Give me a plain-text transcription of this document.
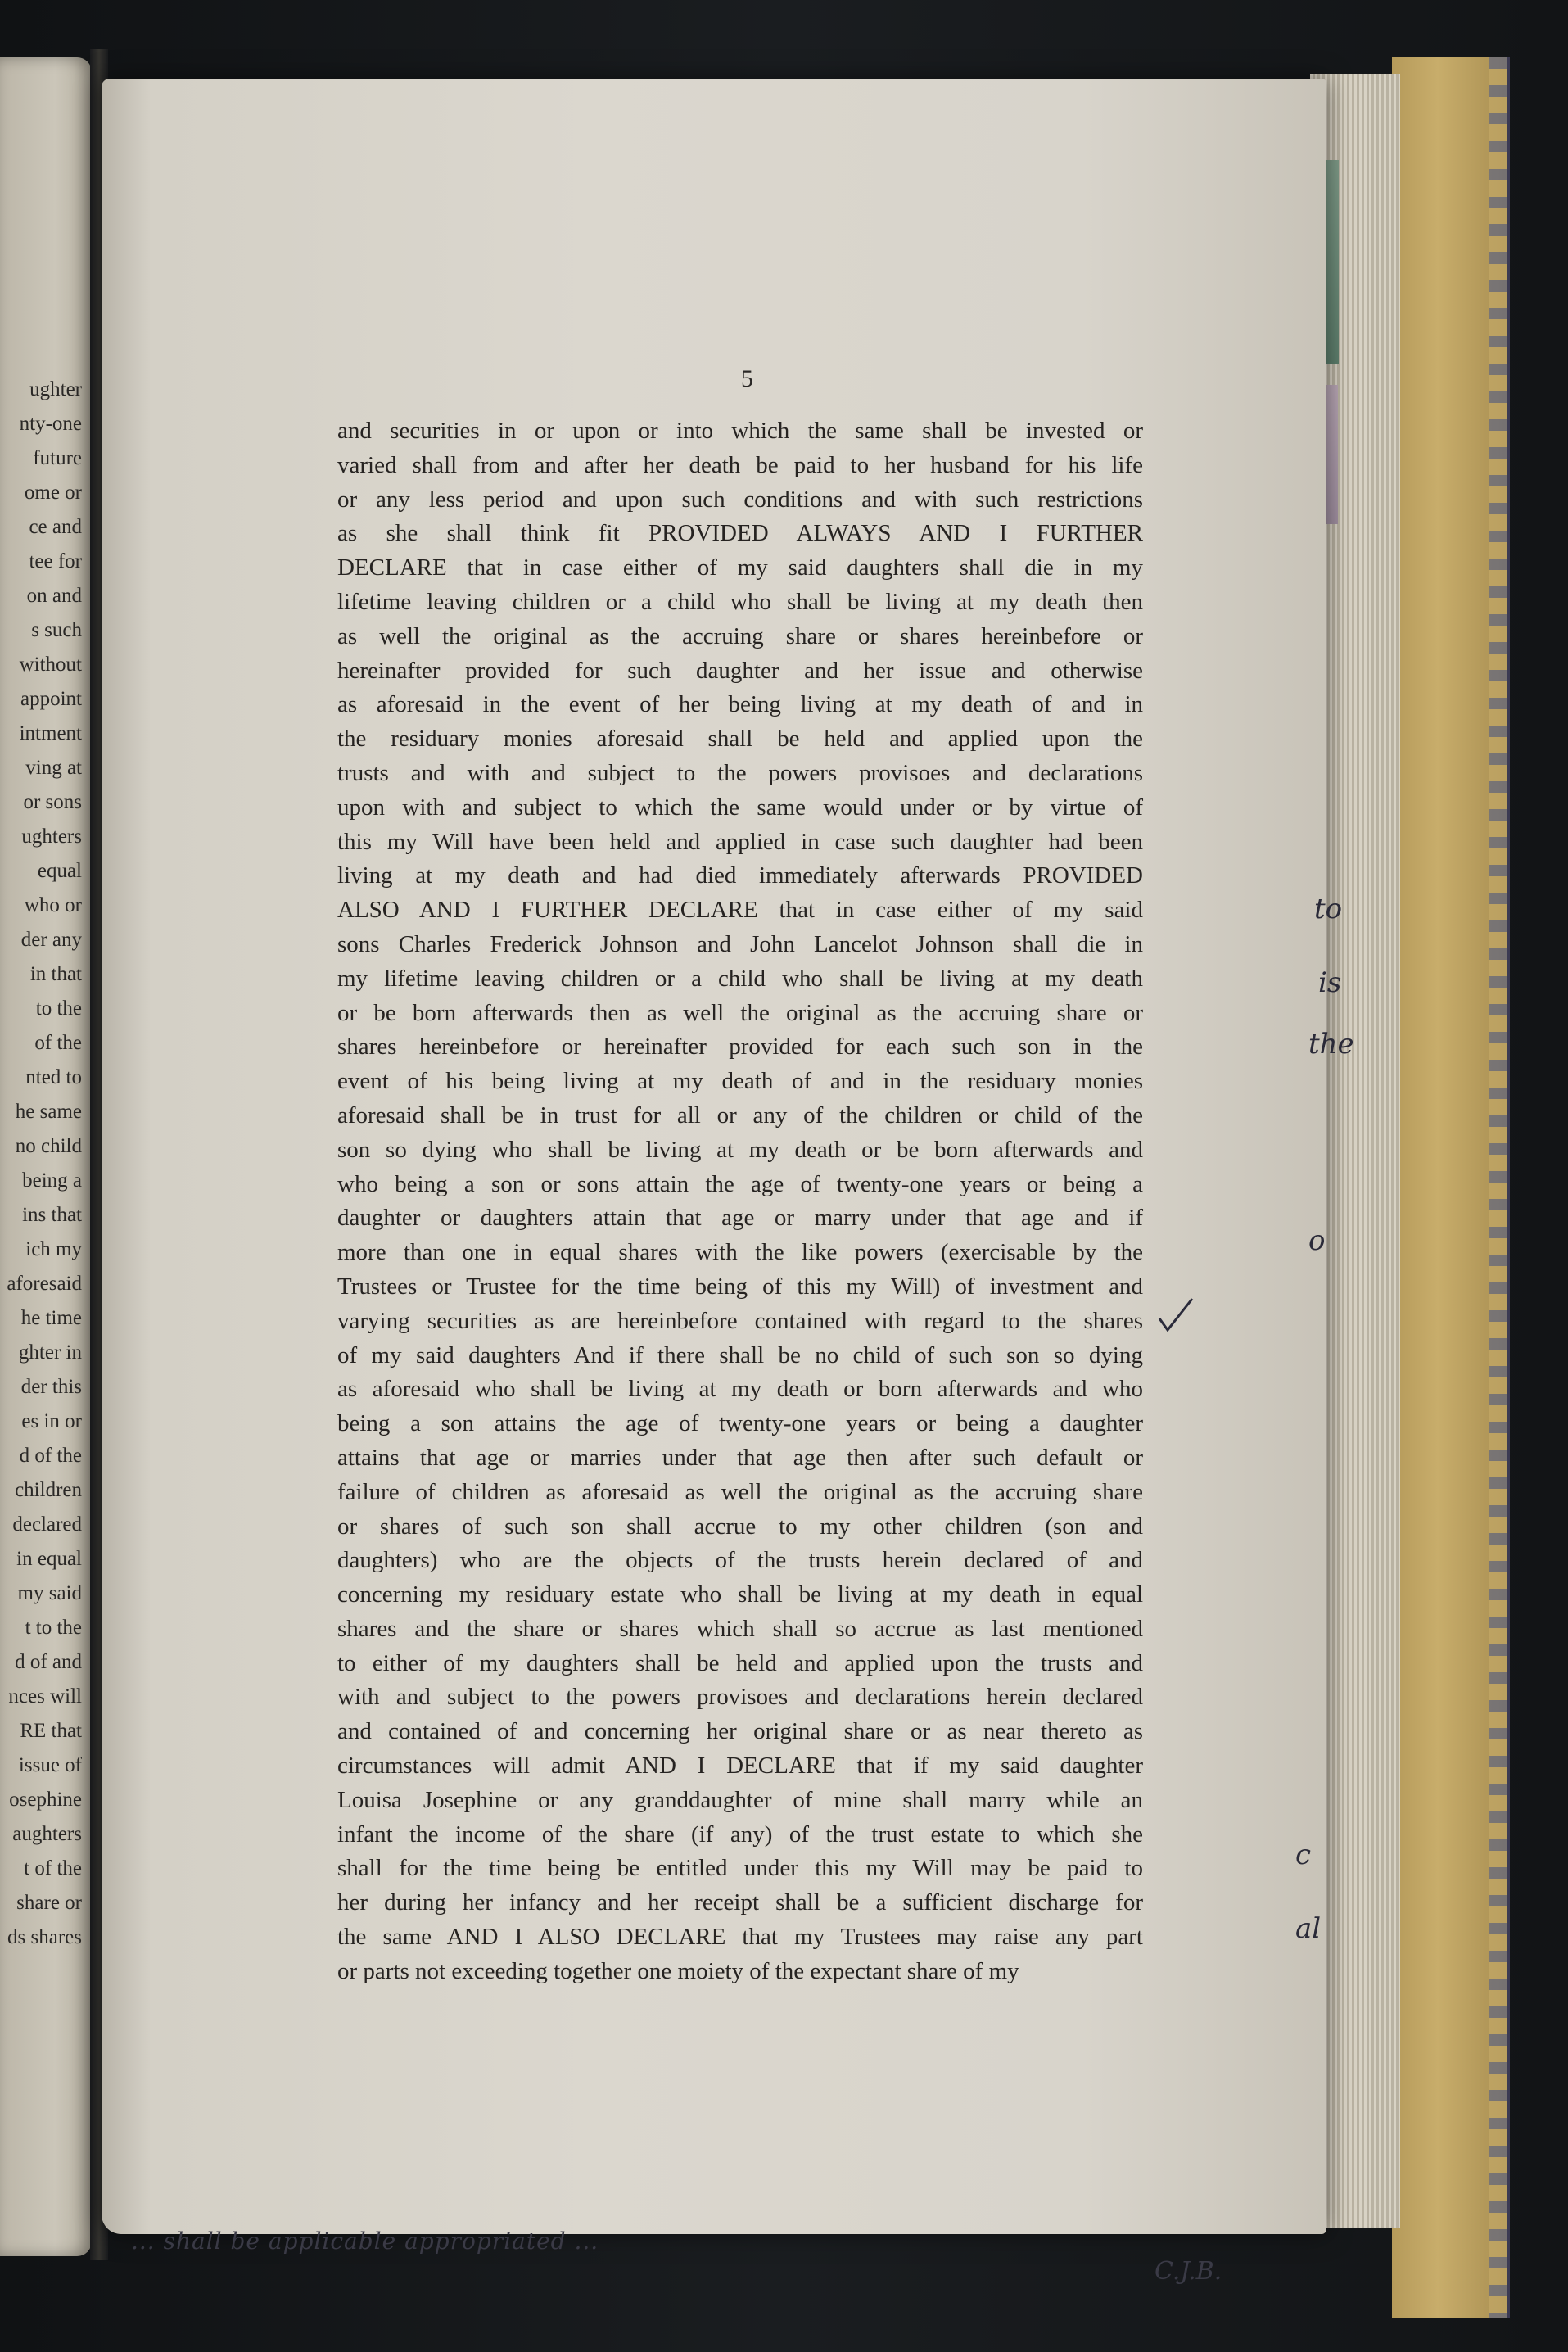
ughter
nty-one
future
ome or
ce and
tee for
on and
s such
without
appoint
intment
ving at
or sons
ughters
equal
who or
der any
in that
to the
of the
nted to
he same
no child
being a
ins that
ich my
aforesaid
he time
ghter in
der this
es in or
d of the
children
declared
in equal
my said
t to the
d of and
nces will
RE that
issue of
osephine
aughters
t of the
share or
ds shares
5
and securities in or upon or into which the same shall be invested or
varied shall from and after her death be paid to her husband for his life
or any less period and upon such conditions and with such restrictions
as she shall think fit PROVIDED ALWAYS AND I FURTHER
DECLARE that in case either of my said daughters shall die in my
lifetime leaving children or a child who shall be living at my death then
as well the original as the accruing share or shares hereinbefore or
hereinafter provided for such daughter and her issue and otherwise
as aforesaid in the event of her being living at my death of and in
the residuary monies aforesaid shall be held and applied upon the
trusts and with and subject to the powers provisoes and declarations
upon with and subject to which the same would under or by virtue of
this my Will have been held and applied in case such daughter had been
living at my death and had died immediately afterwards PROVIDED
ALSO AND I FURTHER DECLARE that in case either of my said
sons Charles Frederick Johnson and John Lancelot Johnson shall die in
my lifetime leaving children or a child who shall be living at my death
or be born afterwards then as well the original as the accruing share or
shares hereinbefore or hereinafter provided for each such son in the
event of his being living at my death of and in the residuary monies
aforesaid shall be in trust for all or any of the children or child of the
son so dying who shall be living at my death or be born afterwards and
who being a son or sons attain the age of twenty-one years or being a
daughter or daughters attain that age or marry under that age and if
more than one in equal shares with the like powers (exercisable by the
Trustees or Trustee for the time being of this my Will) of investment and
varying securities as are hereinbefore contained with regard to the shares
of my said daughters And if there shall be no child of such son so dying
as aforesaid who shall be living at my death or born afterwards and who
being a son attains the age of twenty-one years or being a daughter
attains that age or marries under that age then after such default or
failure of children as aforesaid as well the original as the accruing share
or shares of such son shall accrue to my other children (son and
daughters) who are the objects of the trusts herein declared of and
concerning my residuary estate who shall be living at my death in equal
shares and the share or shares which shall so accrue as last mentioned
to either of my daughters shall be held and applied upon the trusts and
with and subject to the powers provisoes and declarations herein declared
and contained of and concerning her original share or as near thereto as
circumstances will admit AND I DECLARE that if my said daughter
Louisa Josephine or any granddaughter of mine shall marry while an
infant the income of the share (if any) of the trust estate to which she
shall for the time being be entitled under this my Will may be paid to
her during her infancy and her receipt shall be a sufficient discharge for
the same AND I ALSO DECLARE that my Trustees may raise any part
or parts not exceeding together one moiety of the expectant share of my
to
is
the
o
c
al
... shall be applicable appropriated ...
C.J.B.
